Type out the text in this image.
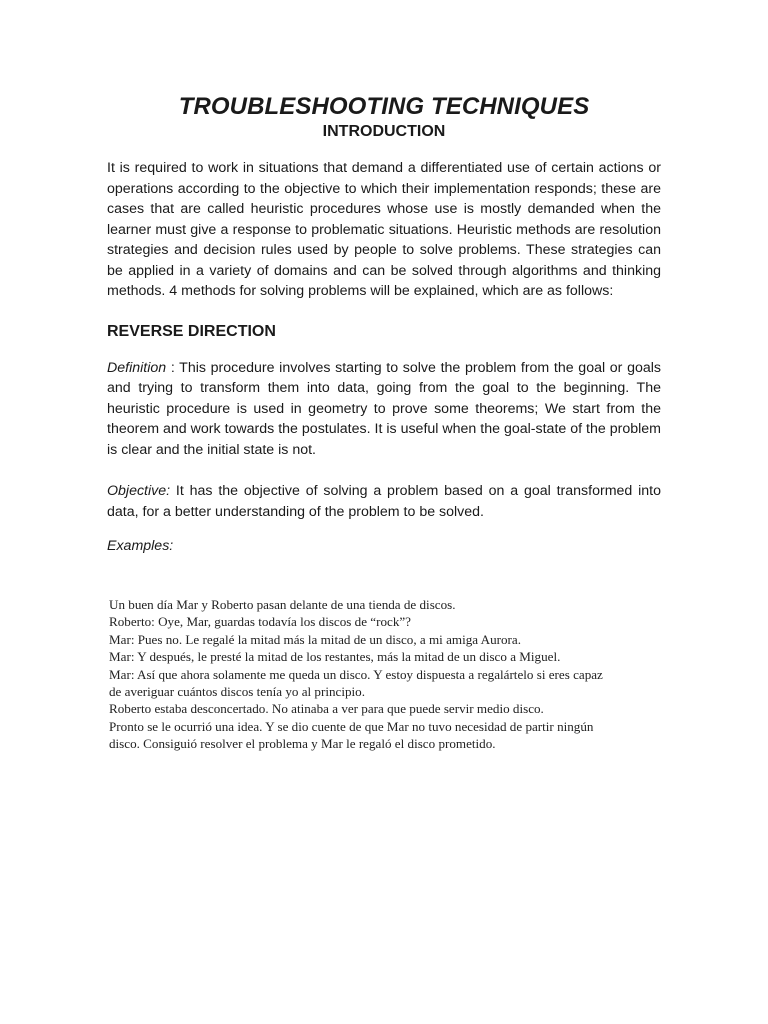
TROUBLESHOOTING TECHNIQUES
INTRODUCTION

It is required to work in situations that demand a differentiated use of certain actions or operations according to the objective to which their implementation responds; these are cases that are called heuristic procedures whose use is mostly demanded when the learner must give a response to problematic situations. Heuristic methods are resolution strategies and decision rules used by people to solve problems. These strategies can be applied in a variety of domains and can be solved through algorithms and thinking methods. 4 methods for solving problems will be explained, which are as follows:

REVERSE DIRECTION

Definition : This procedure involves starting to solve the problem from the goal or goals and trying to transform them into data, going from the goal to the beginning. The heuristic procedure is used in geometry to prove some theorems; We start from the theorem and work towards the postulates. It is useful when the goal-state of the problem is clear and the initial state is not.

Objective: It has the objective of solving a problem based on a goal transformed into data, for a better understanding of the problem to be solved.

Examples:

Un buen día Mar y Roberto pasan delante de una tienda de discos.
Roberto: Oye, Mar, guardas todavía los discos de “rock”?
Mar: Pues no. Le regalé la mitad más la mitad de un disco, a mi amiga Aurora.
Mar: Y después, le presté la mitad de los restantes, más la mitad de un disco a Miguel.
Mar: Así que ahora solamente me queda un disco. Y estoy dispuesta a regalártelo si eres capaz
de averiguar cuántos discos tenía yo al principio.
Roberto estaba desconcertado. No atinaba a ver para que puede servir medio disco.
Pronto se le ocurrió una idea. Y se dio cuente de que Mar no tuvo necesidad de partir ningún
disco. Consiguió resolver el problema y Mar le regaló el disco prometido.
